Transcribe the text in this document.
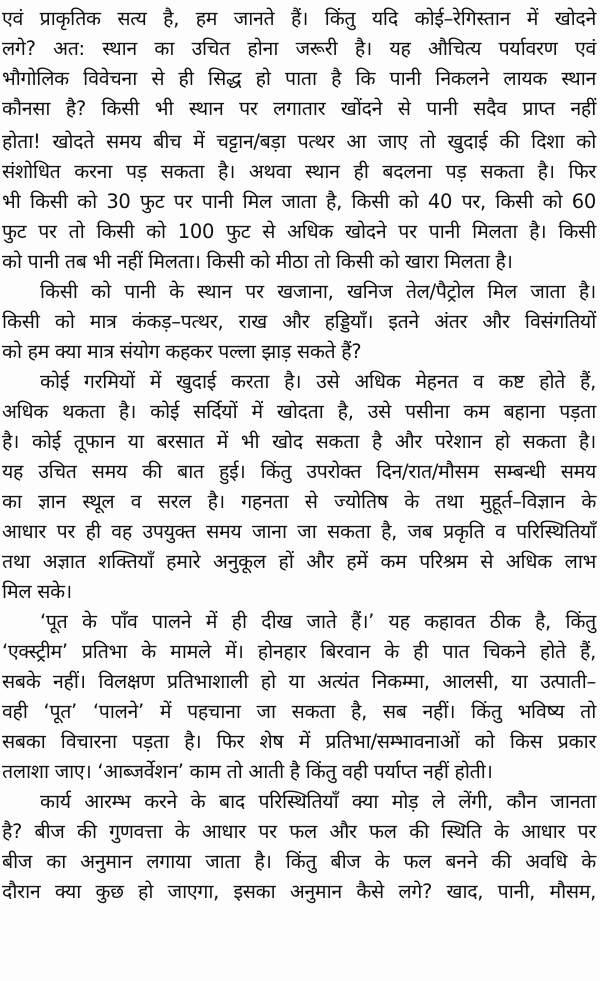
एवं प्राकृतिक सत्य है, हम जानते हैं। किंतु यदि कोई–रेगिस्तान में खोदने
लगे? अत: स्थान का उचित होना जरूरी है। यह औचित्य पर्यावरण एवं
भौगोलिक विवेचना से ही सिद्ध हो पाता है कि पानी निकलने लायक स्थान
कौनसा है? किसी भी स्थान पर लगातार खोंदने से पानी सदैव प्राप्त नहीं
होता! खोदते समय बीच में चट्टान/बड़ा पत्थर आ जाए तो खुदाई की दिशा को
संशोधित करना पड़ सकता है। अथवा स्थान ही बदलना पड़ सकता है। फिर
भी किसी को 30 फुट पर पानी मिल जाता है, किसी को 40 पर, किसी को 60
फुट पर तो किसी को 100 फुट से अधिक खोदने पर पानी मिलता है। किसी
को पानी तब भी नहीं मिलता। किसी को मीठा तो किसी को खारा मिलता है।
किसी को पानी के स्थान पर खजाना, खनिज तेल/पैट्रोल मिल जाता है।
किसी को मात्र कंकड़–पत्थर, राख और हड्डियाँ। इतने अंतर और विसंगतियों
को हम क्या मात्र संयोग कहकर पल्ला झाड़ सकते हैं?
कोई गरमियों में खुदाई करता है। उसे अधिक मेहनत व कष्ट होते हैं,
अधिक थकता है। कोई सर्दियों में खोदता है, उसे पसीना कम बहाना पड़ता
है। कोई तूफान या बरसात में भी खोद सकता है और परेशान हो सकता है।
यह उचित समय की बात हुई। किंतु उपरोक्त दिन/रात/मौसम सम्बन्धी समय
का ज्ञान स्थूल व सरल है। गहनता से ज्योतिष के तथा मुहूर्त–विज्ञान के
आधार पर ही वह उपयुक्त समय जाना जा सकता है, जब प्रकृति व परिस्थितियाँ
तथा अज्ञात शक्तियाँ हमारे अनुकूल हों और हमें कम परिश्रम से अधिक लाभ
मिल सके।
‘पूत के पाँव पालने में ही दीख जाते हैं।’ यह कहावत ठीक है, किंतु
‘एक्स्ट्रीम’ प्रतिभा के मामले में। होनहार बिरवान के ही पात चिकने होते हैं,
सबके नहीं। विलक्षण प्रतिभाशाली हो या अत्यंत निकम्मा, आलसी, या उत्पाती–
वही ‘पूत’ ‘पालने’ में पहचाना जा सकता है, सब नहीं। किंतु भविष्य तो
सबका विचारना पड़ता है। फिर शेष में प्रतिभा/सम्भावनाओं को किस प्रकार
तलाशा जाए। ‘आब्जर्वेशन’ काम तो आती है किंतु वही पर्याप्त नहीं होती।
कार्य आरम्भ करने के बाद परिस्थितियाँ क्या मोड़ ले लेंगी, कौन जानता
है? बीज की गुणवत्ता के आधार पर फल और फल की स्थिति के आधार पर
बीज का अनुमान लगाया जाता है। किंतु बीज के फल बनने की अवधि के
दौरान क्या कुछ हो जाएगा, इसका अनुमान कैसे लगे? खाद, पानी, मौसम,
